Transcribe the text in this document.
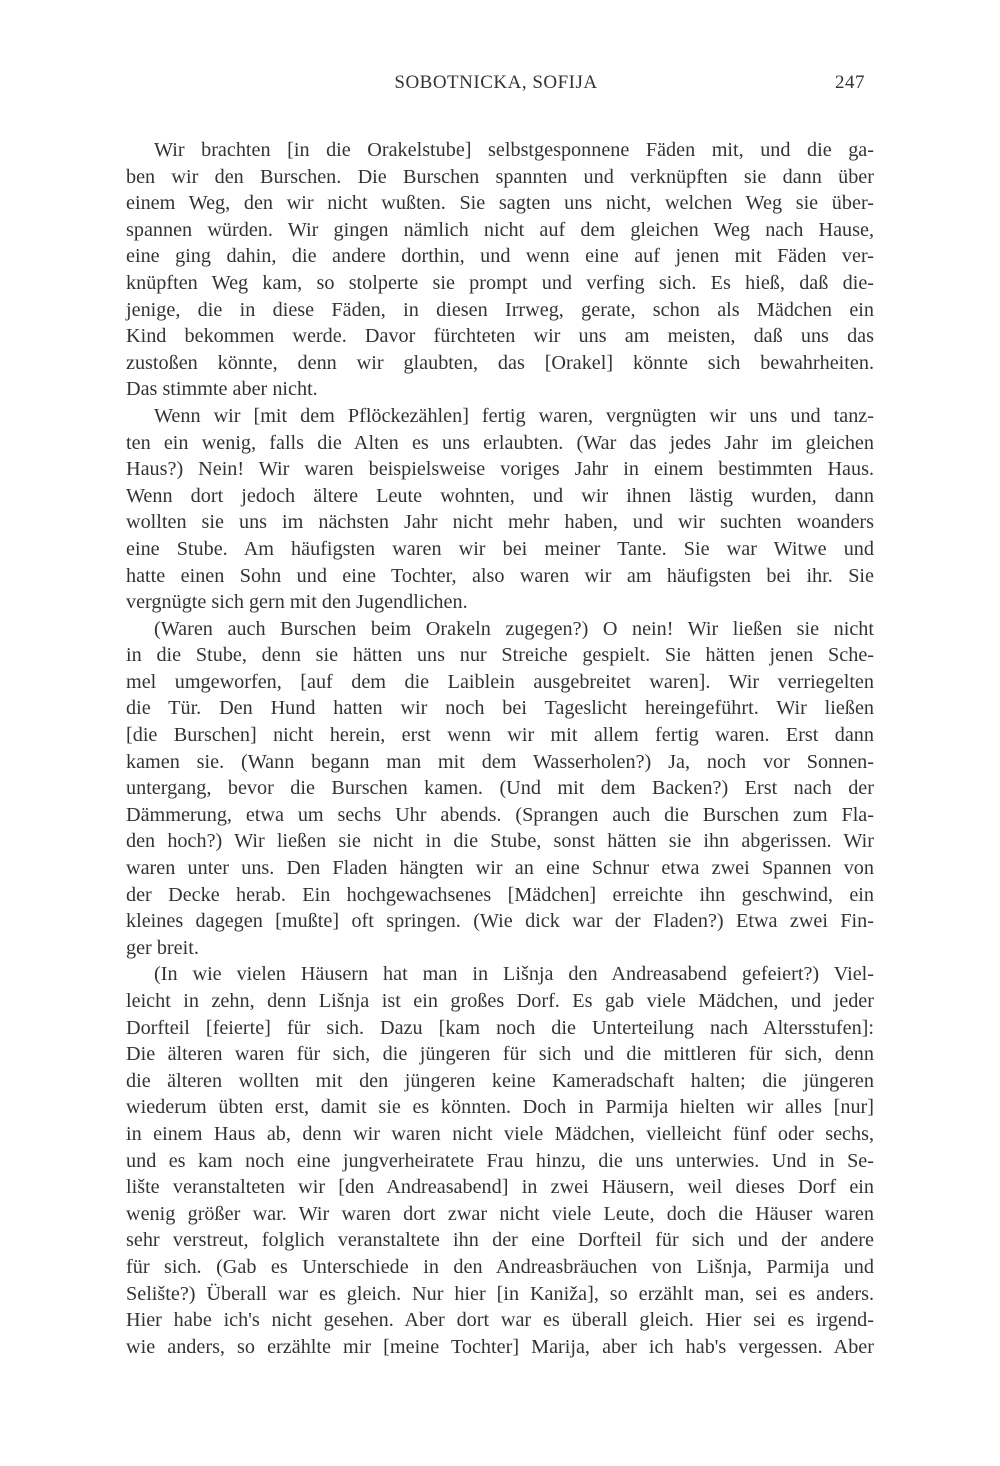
SOBOTNICKA, SOFIJA	247
Wir brachten [in die Orakelstube] selbstgesponnene Fäden mit, und die ga-
ben wir den Burschen. Die Burschen spannten und verknüpften sie dann über
einem Weg, den wir nicht wußten. Sie sagten uns nicht, welchen Weg sie über-
spannen würden. Wir gingen nämlich nicht auf dem gleichen Weg nach Hause,
eine ging dahin, die andere dorthin, und wenn eine auf jenen mit Fäden ver-
knüpften Weg kam, so stolperte sie prompt und verfing sich. Es hieß, daß die-
jenige, die in diese Fäden, in diesen Irrweg, gerate, schon als Mädchen ein
Kind bekommen werde. Davor fürchteten wir uns am meisten, daß uns das
zustoßen könnte, denn wir glaubten, das [Orakel] könnte sich bewahrheiten.
Das stimmte aber nicht.
Wenn wir [mit dem Pflöckezählen] fertig waren, vergnügten wir uns und tanz-
ten ein wenig, falls die Alten es uns erlaubten. (War das jedes Jahr im gleichen
Haus?) Nein! Wir waren beispielsweise voriges Jahr in einem bestimmten Haus.
Wenn dort jedoch ältere Leute wohnten, und wir ihnen lästig wurden, dann
wollten sie uns im nächsten Jahr nicht mehr haben, und wir suchten woanders
eine Stube. Am häufigsten waren wir bei meiner Tante. Sie war Witwe und
hatte einen Sohn und eine Tochter, also waren wir am häufigsten bei ihr. Sie
vergnügte sich gern mit den Jugendlichen.
(Waren auch Burschen beim Orakeln zugegen?) O nein! Wir ließen sie nicht
in die Stube, denn sie hätten uns nur Streiche gespielt. Sie hätten jenen Sche-
mel umgeworfen, [auf dem die Laiblein ausgebreitet waren]. Wir verriegelten
die Tür. Den Hund hatten wir noch bei Tageslicht hereingeführt. Wir ließen
[die Burschen] nicht herein, erst wenn wir mit allem fertig waren. Erst dann
kamen sie. (Wann begann man mit dem Wasserholen?) Ja, noch vor Sonnen-
untergang, bevor die Burschen kamen. (Und mit dem Backen?) Erst nach der
Dämmerung, etwa um sechs Uhr abends. (Sprangen auch die Burschen zum Fla-
den hoch?) Wir ließen sie nicht in die Stube, sonst hätten sie ihn abgerissen. Wir
waren unter uns. Den Fladen hängten wir an eine Schnur etwa zwei Spannen von
der Decke herab. Ein hochgewachsenes [Mädchen] erreichte ihn geschwind, ein
kleines dagegen [mußte] oft springen. (Wie dick war der Fladen?) Etwa zwei Fin-
ger breit.
(In wie vielen Häusern hat man in Lišnja den Andreasabend gefeiert?) Viel-
leicht in zehn, denn Lišnja ist ein großes Dorf. Es gab viele Mädchen, und jeder
Dorfteil [feierte] für sich. Dazu [kam noch die Unterteilung nach Altersstufen]:
Die älteren waren für sich, die jüngeren für sich und die mittleren für sich, denn
die älteren wollten mit den jüngeren keine Kameradschaft halten; die jüngeren
wiederum übten erst, damit sie es könnten. Doch in Parmija hielten wir alles [nur]
in einem Haus ab, denn wir waren nicht viele Mädchen, vielleicht fünf oder sechs,
und es kam noch eine jungverheiratete Frau hinzu, die uns unterwies. Und in Se-
lište veranstalteten wir [den Andreasabend] in zwei Häusern, weil dieses Dorf ein
wenig größer war. Wir waren dort zwar nicht viele Leute, doch die Häuser waren
sehr verstreut, folglich veranstaltete ihn der eine Dorfteil für sich und der andere
für sich. (Gab es Unterschiede in den Andreasbräuchen von Lišnja, Parmija und
Selište?) Überall war es gleich. Nur hier [in Kaniža], so erzählt man, sei es anders.
Hier habe ich's nicht gesehen. Aber dort war es überall gleich. Hier sei es irgend-
wie anders, so erzählte mir [meine Tochter] Marija, aber ich hab's vergessen. Aber
